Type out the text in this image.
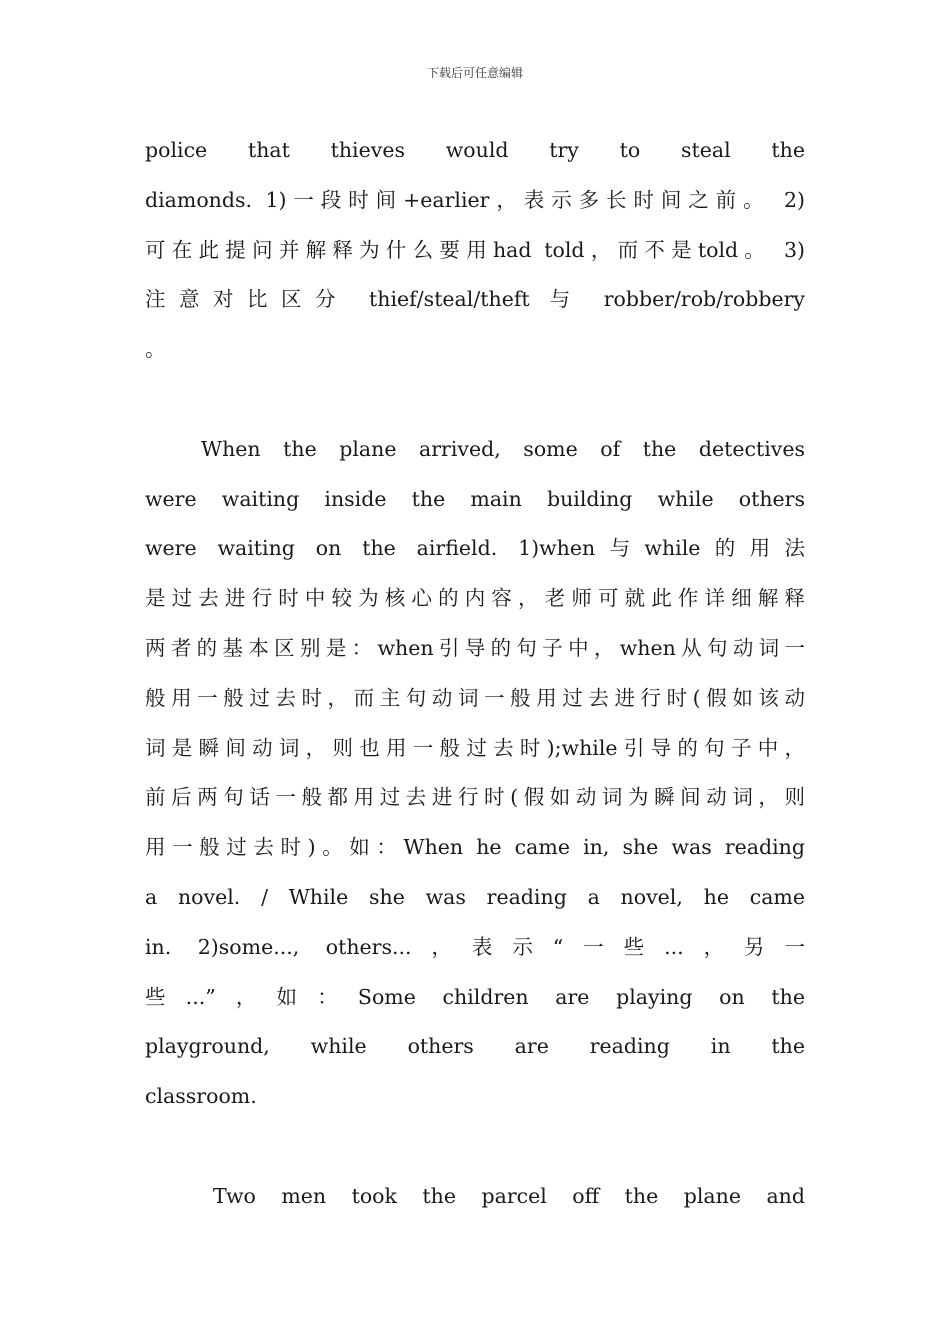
下载后可任意编辑
police that thieves would try to steal the
diamonds. 1)一段时间+earlier，表示多长时间之前。 2)
可在此提问并解释为什么要用had told，而不是told。 3)
注意对比区分 thief/steal/theft 与 robber/rob/robbery
。
When the plane arrived, some of the detectives
were waiting inside the main building while others
were waiting on the airfield. 1)when与while的用法
是过去进行时中较为核心的内容，老师可就此作详细解释
两者的基本区别是：when引导的句子中，when从句动词一
般用一般过去时，而主句动词一般用过去进行时(假如该动
词是瞬间动词，则也用一般过去时);while引导的句子中，
前后两句话一般都用过去进行时(假如动词为瞬间动词，则
用一般过去时)。如：When he came in, she was reading
a novel. / While she was reading a novel, he came
in. 2)some..., others...，表示“一些...，另一
些...”，如：Some children are playing on the
playground, while others are reading in the
classroom.
Two men took the parcel off the plane and
